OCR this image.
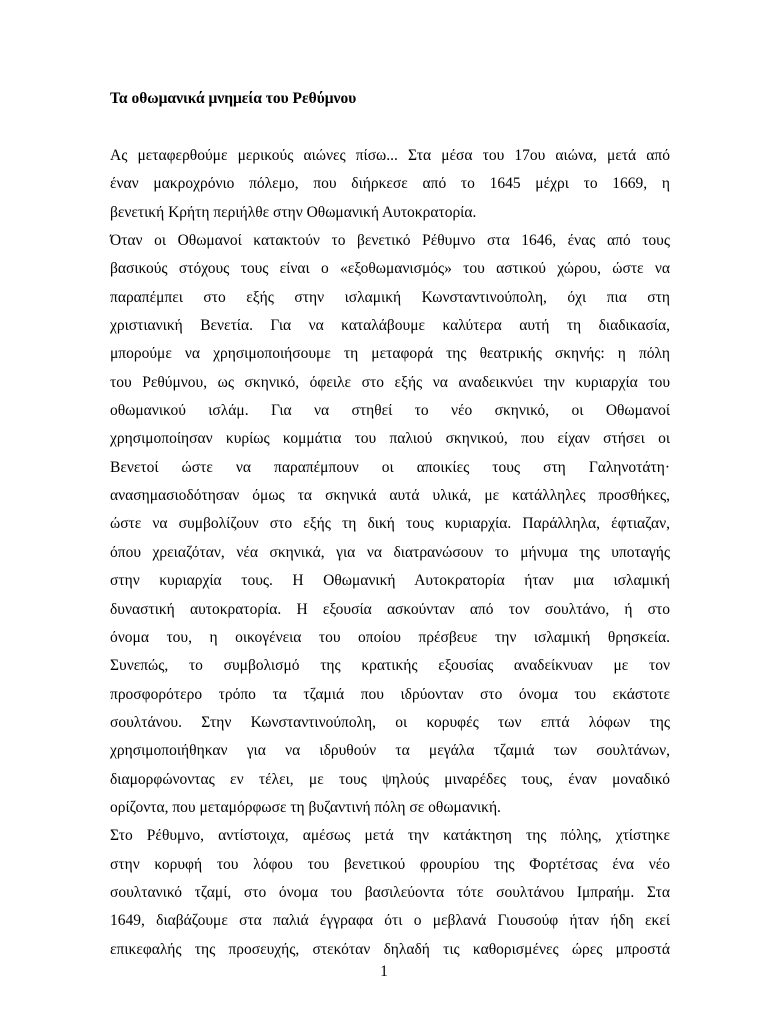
Τα οθωμανικά μνημεία του Ρεθύμνου
Ας μεταφερθούμε μερικούς αιώνες πίσω... Στα μέσα του 17ου αιώνα, μετά από
έναν μακροχρόνιο πόλεμο, που διήρκεσε από το 1645 μέχρι το 1669, η
βενετική Κρήτη περιήλθε στην Οθωμανική Αυτοκρατορία.
Όταν οι Οθωμανοί κατακτούν το βενετικό Ρέθυμνο στα 1646, ένας από τους
βασικούς στόχους τους είναι ο «εξοθωμανισμός» του αστικού χώρου, ώστε να
παραπέμπει στο εξής στην ισλαμική Κωνσταντινούπολη, όχι πια στη
χριστιανική Βενετία. Για να καταλάβουμε καλύτερα αυτή τη διαδικασία,
μπορούμε να χρησιμοποιήσουμε τη μεταφορά της θεατρικής σκηνής: η πόλη
του Ρεθύμνου, ως σκηνικό, όφειλε στο εξής να αναδεικνύει την κυριαρχία του
οθωμανικού ισλάμ. Για να στηθεί το νέο σκηνικό, οι Οθωμανοί
χρησιμοποίησαν κυρίως κομμάτια του παλιού σκηνικού, που είχαν στήσει οι
Βενετοί ώστε να παραπέμπουν οι αποικίες τους στη Γαληνοτάτη·
ανασημασιοδότησαν όμως τα σκηνικά αυτά υλικά, με κατάλληλες προσθήκες,
ώστε να συμβολίζουν στο εξής τη δική τους κυριαρχία. Παράλληλα, έφτιαζαν,
όπου χρειαζόταν, νέα σκηνικά, για να διατρανώσουν το μήνυμα της υποταγής
στην κυριαρχία τους. Η Οθωμανική Αυτοκρατορία ήταν μια ισλαμική
δυναστική αυτοκρατορία. Η εξουσία ασκούνταν από τον σουλτάνο, ή στο
όνομα του, η οικογένεια του οποίου πρέσβευε την ισλαμική θρησκεία.
Συνεπώς, το συμβολισμό της κρατικής εξουσίας αναδείκνυαν με τον
προσφορότερο τρόπο τα τζαμιά που ιδρύονταν στο όνομα του εκάστοτε
σουλτάνου. Στην Κωνσταντινούπολη, οι κορυφές των επτά λόφων της
χρησιμοποιήθηκαν για να ιδρυθούν τα μεγάλα τζαμιά των σουλτάνων,
διαμορφώνοντας εν τέλει, με τους ψηλούς μιναρέδες τους, έναν μοναδικό
ορίζοντα, που μεταμόρφωσε τη βυζαντινή πόλη σε οθωμανική.
Στο Ρέθυμνο, αντίστοιχα, αμέσως μετά την κατάκτηση της πόλης, χτίστηκε
στην κορυφή του λόφου του βενετικού φρουρίου της Φορτέτσας ένα νέο
σουλτανικό τζαμί, στο όνομα του βασιλεύοντα τότε σουλτάνου Ιμπραήμ. Στα
1649, διαβάζουμε στα παλιά έγγραφα ότι ο μεβλανά Γιουσούφ ήταν ήδη εκεί
επικεφαλής της προσευχής, στεκόταν δηλαδή τις καθορισμένες ώρες μπροστά
1
